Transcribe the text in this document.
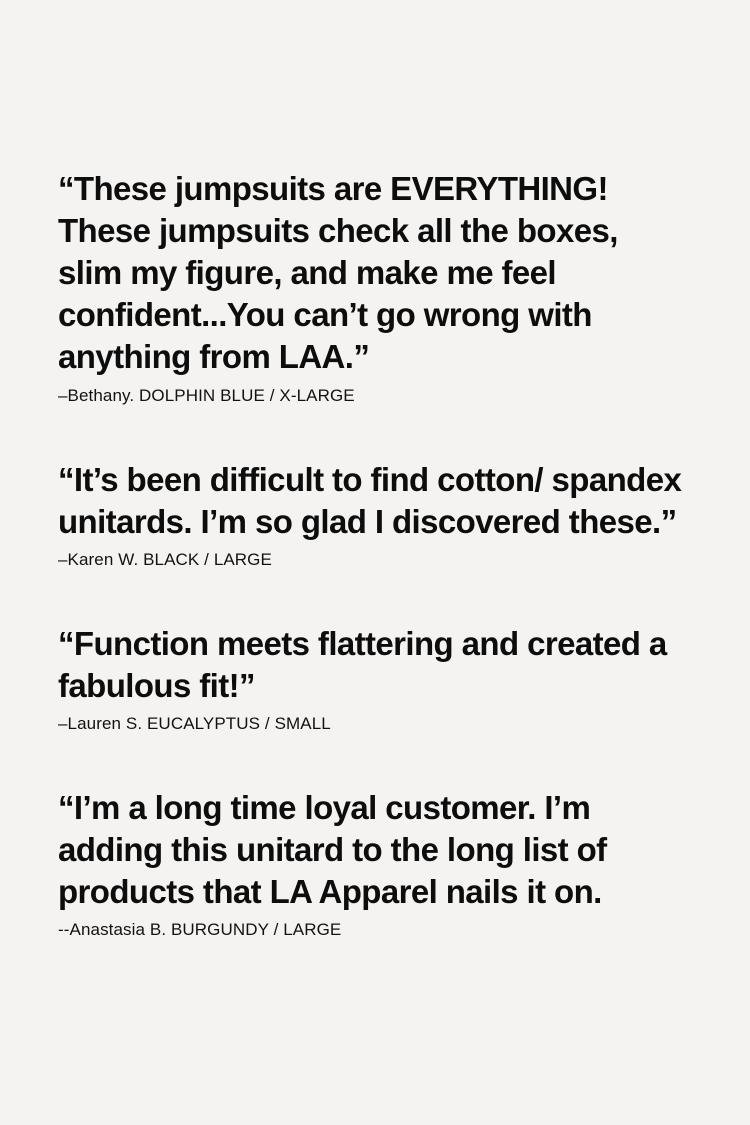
“These jumpsuits are EVERYTHING! These jumpsuits check all the boxes, slim my figure, and make me feel confident...You can’t go wrong with anything from LAA.”

–Bethany. DOLPHIN BLUE / X-LARGE

“It’s been difficult to find cotton/ spandex unitards. I’m so glad I discovered these.”

–Karen W. BLACK / LARGE

“Function meets flattering and created a fabulous fit!”

–Lauren S. EUCALYPTUS / SMALL

“I’m a long time loyal customer. I’m adding this unitard to the long list of products that LA Apparel nails it on.

--Anastasia B. BURGUNDY / LARGE
